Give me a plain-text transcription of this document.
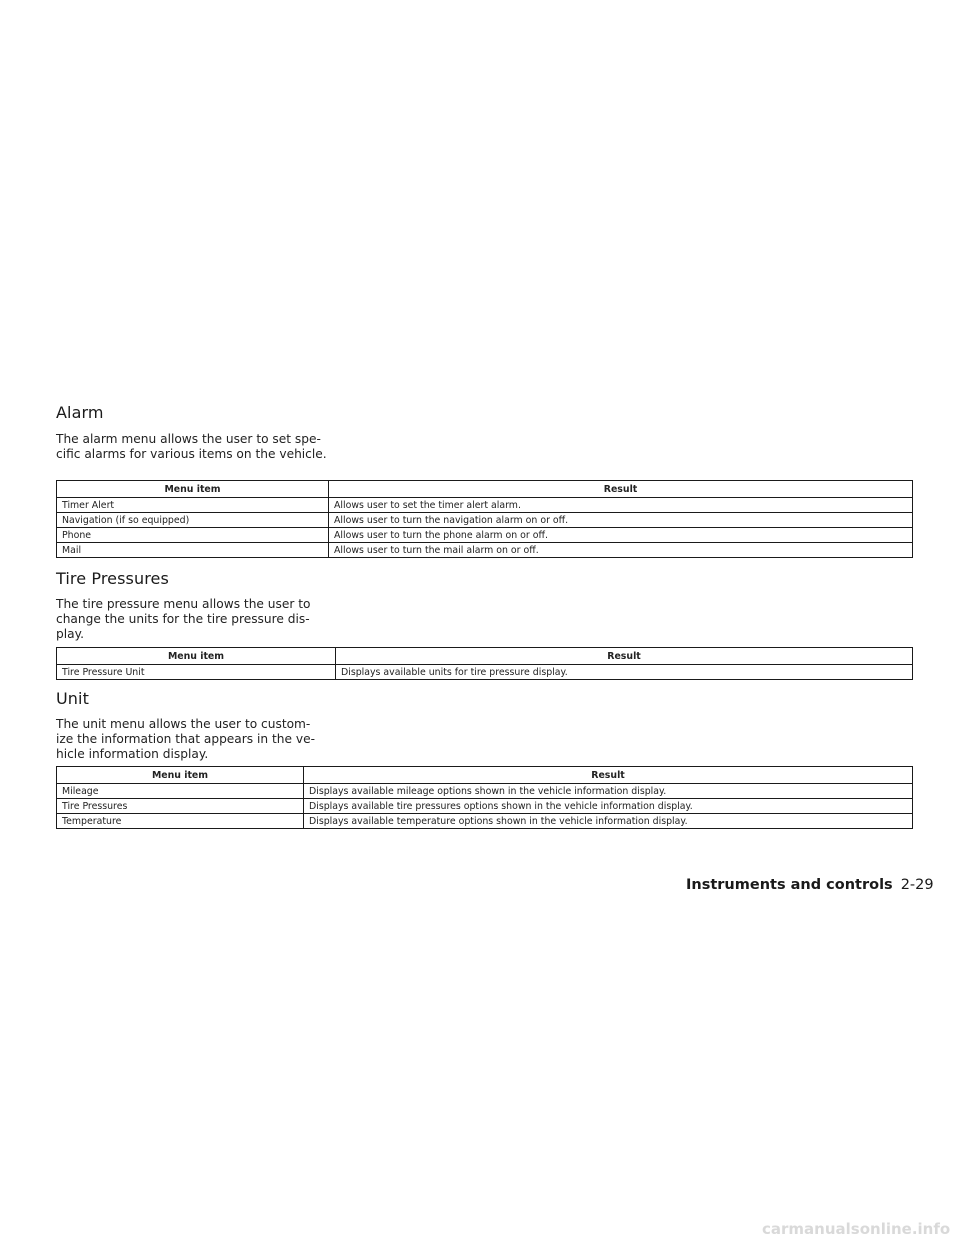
Alarm

The alarm menu allows the user to set spe-
cific alarms for various items on the vehicle.

Menu item	Result
Timer Alert	Allows user to set the timer alert alarm.
Navigation (if so equipped)	Allows user to turn the navigation alarm on or off.
Phone	Allows user to turn the phone alarm on or off.
Mail	Allows user to turn the mail alarm on or off.
Tire Pressures

The tire pressure menu allows the user to
change the units for the tire pressure dis-
play.

Menu item	Result
Tire Pressure Unit	Displays available units for tire pressure display.
Unit

The unit menu allows the user to custom-
ize the information that appears in the ve-
hicle information display.

Menu item	Result
Mileage	Displays available mileage options shown in the vehicle information display.
Tire Pressures	Displays available tire pressures options shown in the vehicle information display.
Temperature	Displays available temperature options shown in the vehicle information display.
Instruments and controls 2-29
carmanualsonline.info
